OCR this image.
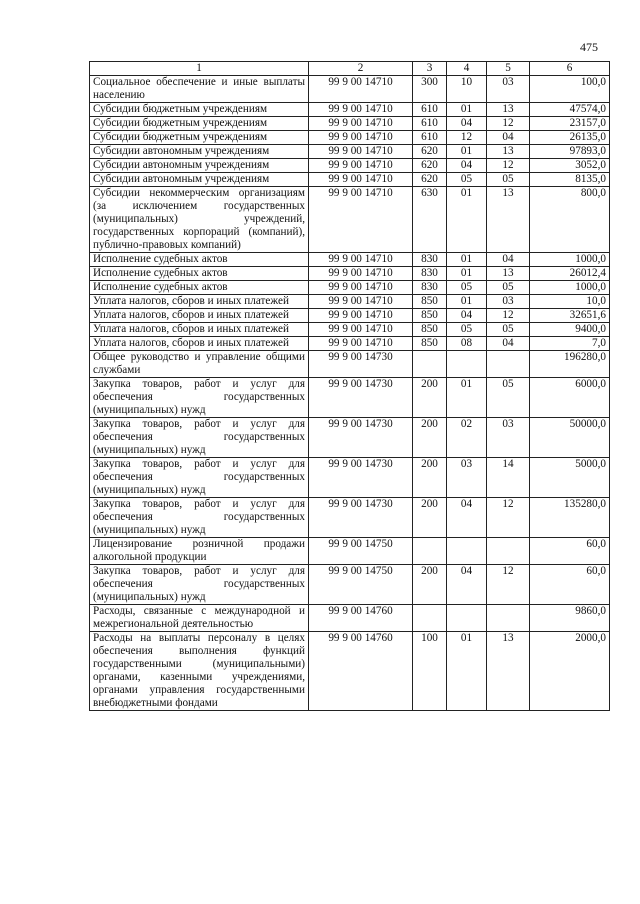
475
1	2	3	4	5	6
Социальное обеспечение и иные выплаты населению	99 9 00 14710	300	10	03	100,0
Субсидии бюджетным учреждениям	99 9 00 14710	610	01	13	47574,0
Субсидии бюджетным учреждениям	99 9 00 14710	610	04	12	23157,0
Субсидии бюджетным учреждениям	99 9 00 14710	610	12	04	26135,0
Субсидии автономным учреждениям	99 9 00 14710	620	01	13	97893,0
Субсидии автономным учреждениям	99 9 00 14710	620	04	12	3052,0
Субсидии автономным учреждениям	99 9 00 14710	620	05	05	8135,0
Субсидии некоммерческим организациям (за исключением государственных (муниципальных) учреждений, государственных корпораций (компаний), публично-правовых компаний)	99 9 00 14710	630	01	13	800,0
Исполнение судебных актов	99 9 00 14710	830	01	04	1000,0
Исполнение судебных актов	99 9 00 14710	830	01	13	26012,4
Исполнение судебных актов	99 9 00 14710	830	05	05	1000,0
Уплата налогов, сборов и иных платежей	99 9 00 14710	850	01	03	10,0
Уплата налогов, сборов и иных платежей	99 9 00 14710	850	04	12	32651,6
Уплата налогов, сборов и иных платежей	99 9 00 14710	850	05	05	9400,0
Уплата налогов, сборов и иных платежей	99 9 00 14710	850	08	04	7,0
Общее руководство и управление общими службами	99 9 00 14730				196280,0
Закупка товаров, работ и услуг для обеспечения государственных (муниципальных) нужд	99 9 00 14730	200	01	05	6000,0
Закупка товаров, работ и услуг для обеспечения государственных (муниципальных) нужд	99 9 00 14730	200	02	03	50000,0
Закупка товаров, работ и услуг для обеспечения государственных (муниципальных) нужд	99 9 00 14730	200	03	14	5000,0
Закупка товаров, работ и услуг для обеспечения государственных (муниципальных) нужд	99 9 00 14730	200	04	12	135280,0
Лицензирование розничной продажи алкогольной продукции	99 9 00 14750				60,0
Закупка товаров, работ и услуг для обеспечения государственных (муниципальных) нужд	99 9 00 14750	200	04	12	60,0
Расходы, связанные с международной и межрегиональной деятельностью	99 9 00 14760				9860,0
Расходы на выплаты персоналу в целях обеспечения выполнения функций государственными (муниципальными) органами, казенными учреждениями, органами управления государственными внебюджетными фондами	99 9 00 14760	100	01	13	2000,0
